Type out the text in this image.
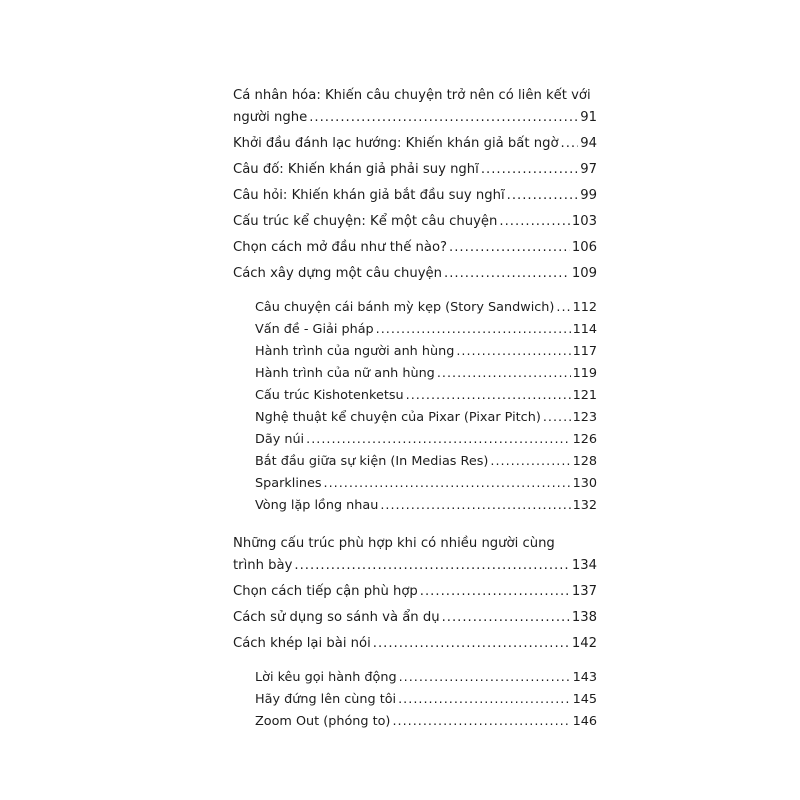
Cá nhân hóa: Khiến câu chuyện trở nên có liên kết với
người nghe .....	91
Khởi đầu đánh lạc hướng: Khiến khán giả bất ngờ ..... 94
Câu đố: Khiến khán giả phải suy nghĩ .....	97
Câu hỏi: Khiến khán giả bắt đầu suy nghĩ .....	99
Cấu trúc kể chuyện: Kể một câu chuyện .....	103
Chọn cách mở đầu như thế nào? .....	106
Cách xây dựng một câu chuyện .....	109
Câu chuyện cái bánh mỳ kẹp (Story Sandwich) ..... 112
Vấn đề - Giải pháp .....	114
Hành trình của người anh hùng .....	117
Hành trình của nữ anh hùng .....	119
Cấu trúc Kishotenketsu .....	121
Nghệ thuật kể chuyện của Pixar (Pixar Pitch) ..... 123
Dãy núi .....	126
Bắt đầu giữa sự kiện (In Medias Res) .....	128
Sparklines .....	130
Vòng lặp lồng nhau .....	132
Những cấu trúc phù hợp khi có nhiều người cùng
trình bày .....	134
Chọn cách tiếp cận phù hợp .....	137
Cách sử dụng so sánh và ẩn dụ .....	138
Cách khép lại bài nói .....	142
Lời kêu gọi hành động .....	143
Hãy đứng lên cùng tôi .....	145
Zoom Out (phóng to) .....	146
